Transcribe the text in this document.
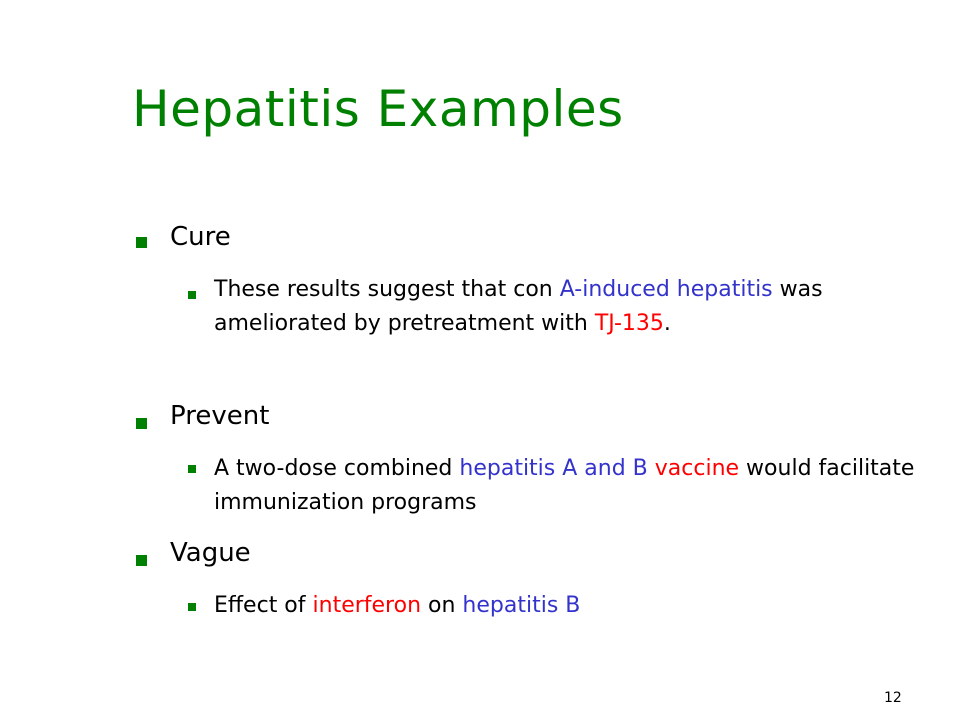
Hepatitis Examples
Cure
These results suggest that con A-induced hepatitis was ameliorated by pretreatment with TJ-135.
Prevent
A two-dose combined hepatitis A and B vaccine would facilitate immunization programs
Vague
Effect of interferon on hepatitis B
12
